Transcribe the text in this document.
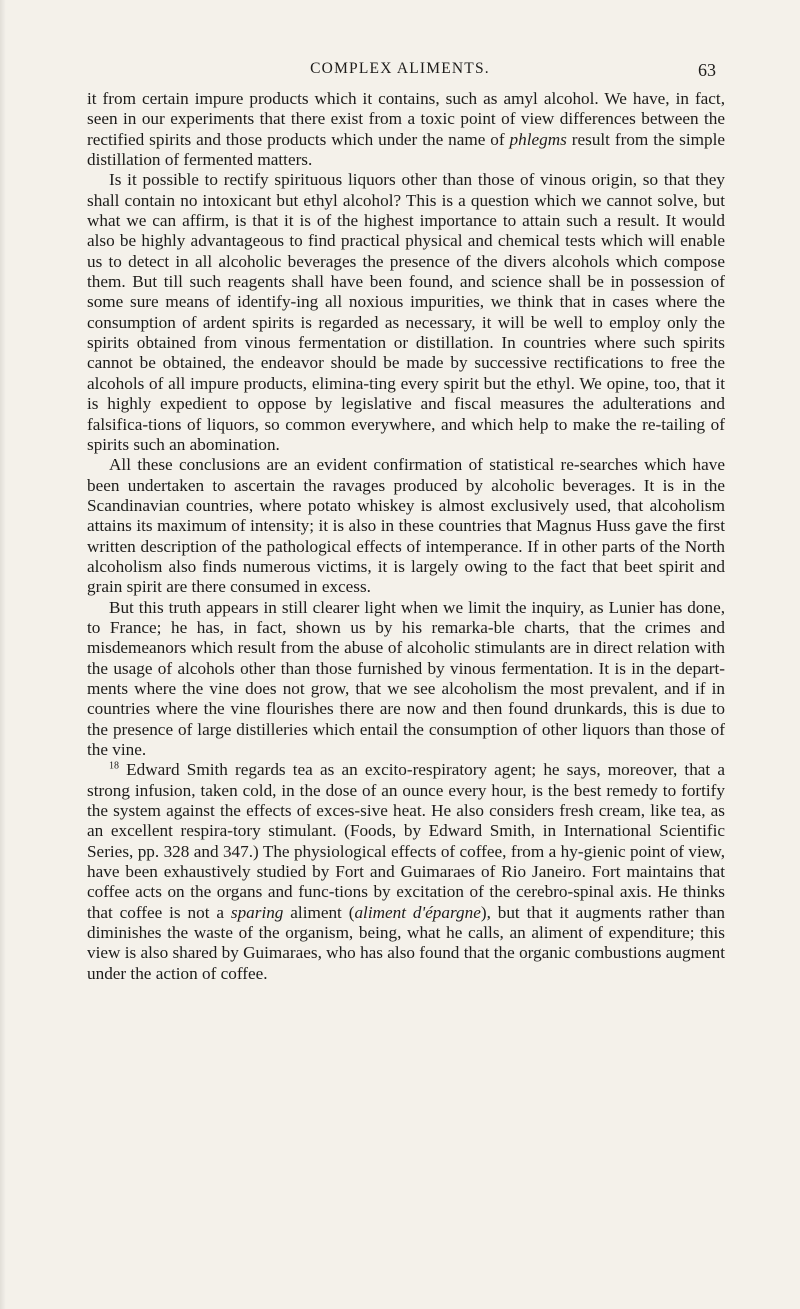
COMPLEX ALIMENTS.	63

it from certain impure products which it contains, such as amyl alcohol. We have, in fact, seen in our experiments that there exist from a toxic point of view differences between the rectified spirits and those products which under the name of phlegms result from the simple distillation of fermented matters.

Is it possible to rectify spirituous liquors other than those of vinous origin, so that they shall contain no intoxicant but ethyl alcohol? This is a question which we cannot solve, but what we can affirm, is that it is of the highest importance to attain such a result. It would also be highly advantageous to find practical physical and chemical tests which will enable us to detect in all alcoholic beverages the presence of the divers alcohols which compose them. But till such reagents shall have been found, and science shall be in possession of some sure means of identify-ing all noxious impurities, we think that in cases where the consumption of ardent spirits is regarded as necessary, it will be well to employ only the spirits obtained from vinous fermentation or distillation. In countries where such spirits cannot be obtained, the endeavor should be made by successive rectifications to free the alcohols of all impure products, elimina-ting every spirit but the ethyl. We opine, too, that it is highly expedient to oppose by legislative and fiscal measures the adulterations and falsifica-tions of liquors, so common everywhere, and which help to make the re-tailing of spirits such an abomination.

All these conclusions are an evident confirmation of statistical re-searches which have been undertaken to ascertain the ravages produced by alcoholic beverages. It is in the Scandinavian countries, where potato whiskey is almost exclusively used, that alcoholism attains its maximum of intensity; it is also in these countries that Magnus Huss gave the first written description of the pathological effects of intemperance. If in other parts of the North alcoholism also finds numerous victims, it is largely owing to the fact that beet spirit and grain spirit are there consumed in excess.

But this truth appears in still clearer light when we limit the inquiry, as Lunier has done, to France; he has, in fact, shown us by his remarka-ble charts, that the crimes and misdemeanors which result from the abuse of alcoholic stimulants are in direct relation with the usage of alcohols other than those furnished by vinous fermentation. It is in the depart-ments where the vine does not grow, that we see alcoholism the most prevalent, and if in countries where the vine flourishes there are now and then found drunkards, this is due to the presence of large distilleries which entail the consumption of other liquors than those of the vine.

$^{18}$ Edward Smith regards tea as an excito-respiratory agent; he says, moreover, that a strong infusion, taken cold, in the dose of an ounce every hour, is the best remedy to fortify the system against the effects of exces-sive heat. He also considers fresh cream, like tea, as an excellent respira-tory stimulant. (Foods, by Edward Smith, in International Scientific Series, pp. 328 and 347.) The physiological effects of coffee, from a hy-gienic point of view, have been exhaustively studied by Fort and Guimaraes of Rio Janeiro. Fort maintains that coffee acts on the organs and func-tions by excitation of the cerebro-spinal axis. He thinks that coffee is not a sparing aliment (aliment d'épargne), but that it augments rather than diminishes the waste of the organism, being, what he calls, an aliment of expenditure; this view is also shared by Guimaraes, who has also found that the organic combustions augment under the action of coffee.
